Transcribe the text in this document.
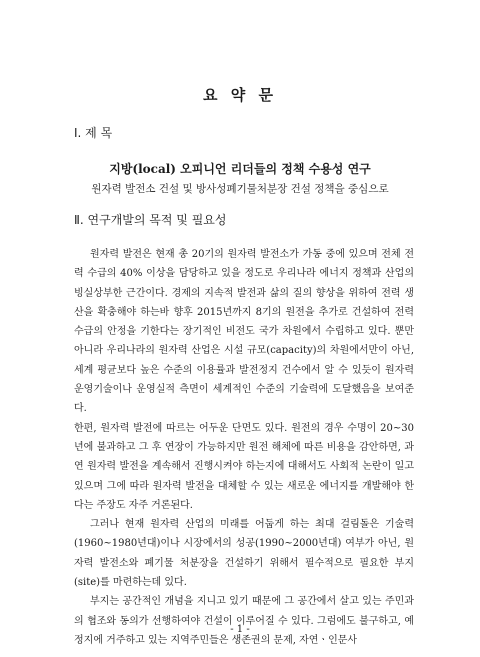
요 약 문
Ⅰ. 제 목
지방(local) 오피니언 리더들의 정책 수용성 연구
원자력 발전소 건설 및 방사성폐기물처분장 건설 정책을 중심으로
Ⅱ. 연구개발의 목적 및 필요성

원자력 발전은 현재 총 20기의 원자력 발전소가 가동 중에 있으며 전체 전력 수급의 40% 이상을 담당하고 있을 정도로 우리나라 에너지 정책과 산업의 빙실상부한 근간이다. 경제의 지속적 발전과 삶의 질의 향상을 위하여 전력 생산을 확충해야 하는바 향후 2015년까지 8기의 원전을 추가로 건설하여 전력수급의 안정을 기한다는 장기적인 비전도 국가 차원에서 수립하고 있다. 뿐만 아니라 우리나라의 원자력 산업은 시설 규모(capacity)의 차원에서만이 아닌, 세계 평균보다 높은 수준의 이용률과 발전정지 건수에서 알 수 있듯이 원자력 운영기술이나 운영실적 측면이 세계적인 수준의 기술력에 도달했음을 보여준다.

한편, 원자력 발전에 따르는 어두운 단면도 있다. 원전의 경우 수명이 20~30년에 불과하고 그 후 연장이 가능하지만 원전 해체에 따른 비용을 감안하면, 과연 원자력 발전을 계속해서 진행시켜야 하는지에 대해서도 사회적 논란이 일고 있으며 그에 따라 원자력 발전을 대체할 수 있는 새로운 에너지를 개발해야 한다는 주장도 자주 거론된다.

그러나 현재 원자력 산업의 미래를 어둡게 하는 최대 걸림돌은 기술력(1960~1980년대)이나 시장에서의 성공(1990~2000년대) 여부가 아닌, 원자력 발전소와 폐기물 처분장을 건설하기 위해서 필수적으로 필요한 부지(site)를 마련하는데 있다.

부지는 공간적인 개념을 지니고 있기 때문에 그 공간에서 살고 있는 주민과의 협조와 동의가 선행하여야 건설이 이루어질 수 있다. 그럼에도 불구하고, 예정지에 거주하고 있는 지역주민들은 생존권의 문제, 자연ㆍ인문사

- 1 -
